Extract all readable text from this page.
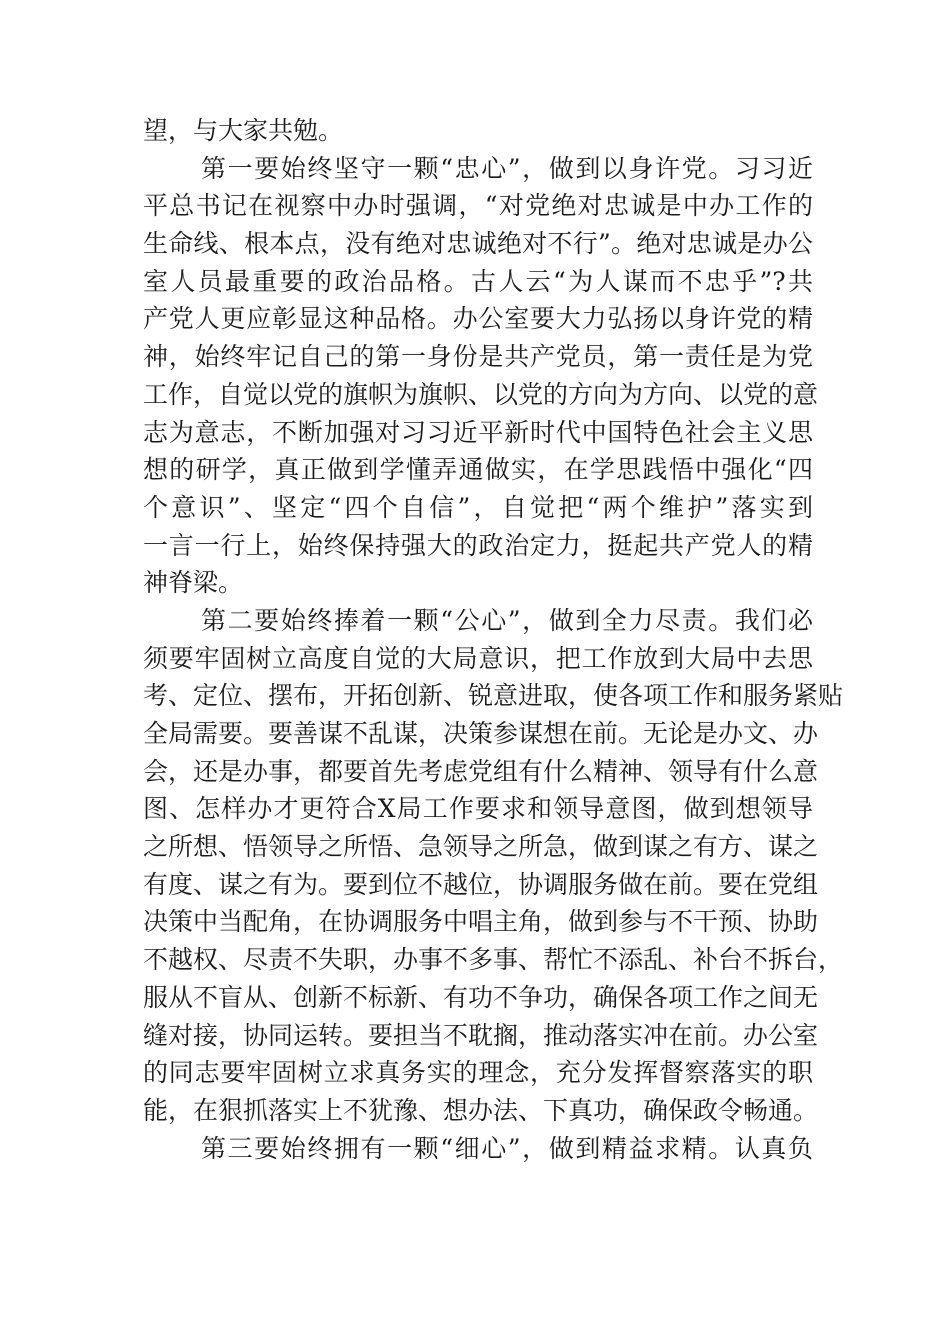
望，与大家共勉。
第一要始终坚守一颗“忠心”，做到以身许党。习习近
平总书记在视察中办时强调，“对党绝对忠诚是中办工作的
生命线、根本点，没有绝对忠诚绝对不行”。绝对忠诚是办公
室人员最重要的政治品格。古人云“为人谋而不忠乎”?共
产党人更应彰显这种品格。办公室要大力弘扬以身许党的精
神，始终牢记自己的第一身份是共产党员，第一责任是为党
工作，自觉以党的旗帜为旗帜、以党的方向为方向、以党的意
志为意志，不断加强对习习近平新时代中国特色社会主义思
想的研学，真正做到学懂弄通做实，在学思践悟中强化“四
个意识”、坚定“四个自信”，自觉把“两个维护”落实到
一言一行上，始终保持强大的政治定力，挺起共产党人的精
神脊梁。
第二要始终捧着一颗“公心”，做到全力尽责。我们必
须要牢固树立高度自觉的大局意识，把工作放到大局中去思
考、定位、摆布，开拓创新、锐意进取，使各项工作和服务紧贴
全局需要。要善谋不乱谋，决策参谋想在前。无论是办文、办
会，还是办事，都要首先考虑党组有什么精神、领导有什么意
图、怎样办才更符合X局工作要求和领导意图，做到想领导
之所想、悟领导之所悟、急领导之所急，做到谋之有方、谋之
有度、谋之有为。要到位不越位，协调服务做在前。要在党组
决策中当配角，在协调服务中唱主角，做到参与不干预、协助
不越权、尽责不失职，办事不多事、帮忙不添乱、补台不拆台，
服从不盲从、创新不标新、有功不争功，确保各项工作之间无
缝对接，协同运转。要担当不耽搁，推动落实冲在前。办公室
的同志要牢固树立求真务实的理念，充分发挥督察落实的职
能，在狠抓落实上不犹豫、想办法、下真功，确保政令畅通。
第三要始终拥有一颗“细心”，做到精益求精。认真负
